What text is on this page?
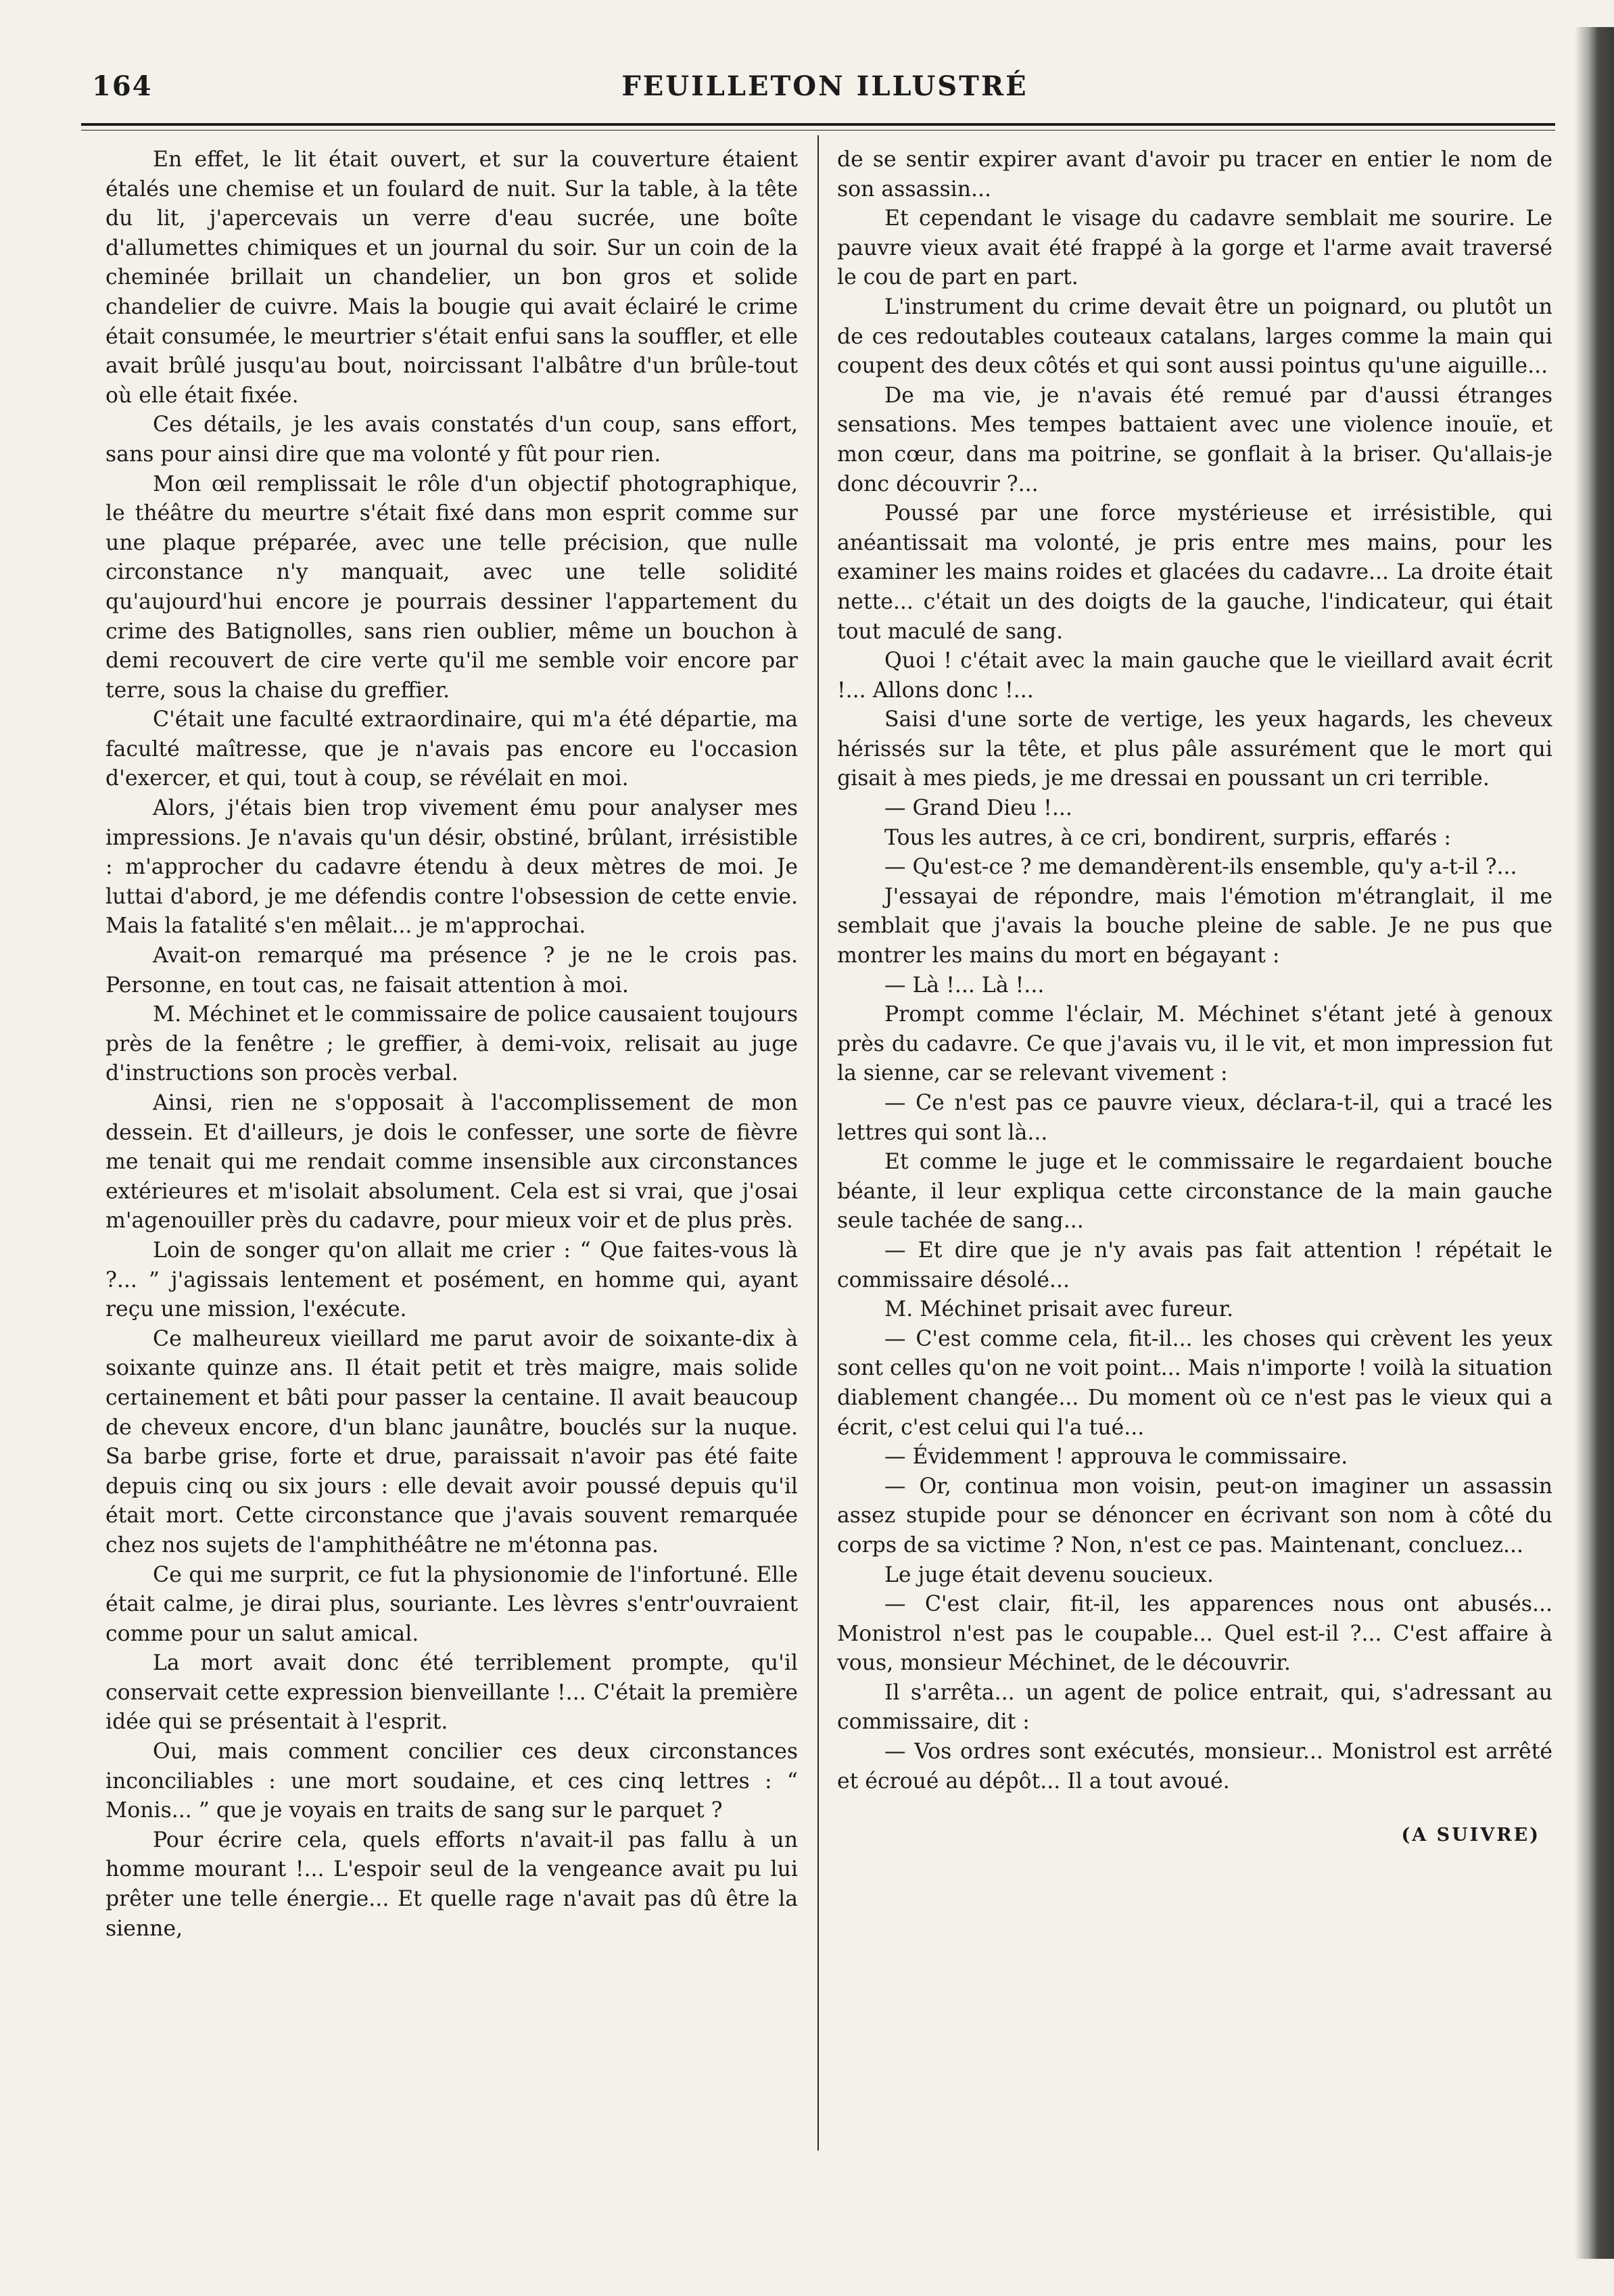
164	FEUILLETON ILLUSTRÉ

En effet, le lit était ouvert, et sur la couverture étaient étalés une chemise et un foulard de nuit. Sur la table, à la tête du lit, j'apercevais un verre d'eau sucrée, une boîte d'allumettes chimiques et un journal du soir. Sur un coin de la cheminée brillait un chandelier, un bon gros et solide chandelier de cuivre. Mais la bougie qui avait éclairé le crime était consumée, le meurtrier s'était enfui sans la souffler, et elle avait brûlé jusqu'au bout, noircissant l'albâtre d'un brûle-tout où elle était fixée.

Ces détails, je les avais constatés d'un coup, sans effort, sans pour ainsi dire que ma volonté y fût pour rien.

Mon œil remplissait le rôle d'un objectif photographique, le théâtre du meurtre s'était fixé dans mon esprit comme sur une plaque préparée, avec une telle précision, que nulle circonstance n'y manquait, avec une telle solidité qu'aujourd'hui encore je pourrais dessiner l'appartement du crime des Batignolles, sans rien oublier, même un bouchon à demi recouvert de cire verte qu'il me semble voir encore par terre, sous la chaise du greffier.

C'était une faculté extraordinaire, qui m'a été départie, ma faculté maîtresse, que je n'avais pas encore eu l'occasion d'exercer, et qui, tout à coup, se révélait en moi.

Alors, j'étais bien trop vivement ému pour analyser mes impressions. Je n'avais qu'un désir, obstiné, brûlant, irrésistible : m'approcher du cadavre étendu à deux mètres de moi. Je luttai d'abord, je me défendis contre l'obsession de cette envie. Mais la fatalité s'en mêlait... je m'approchai.

Avait-on remarqué ma présence ? je ne le crois pas. Personne, en tout cas, ne faisait attention à moi.

M. Méchinet et le commissaire de police causaient toujours près de la fenêtre ; le greffier, à demi-voix, relisait au juge d'instructions son procès verbal.

Ainsi, rien ne s'opposait à l'accomplissement de mon dessein. Et d'ailleurs, je dois le confesser, une sorte de fièvre me tenait qui me rendait comme insensible aux circonstances extérieures et m'isolait absolument. Cela est si vrai, que j'osai m'agenouiller près du cadavre, pour mieux voir et de plus près.

Loin de songer qu'on allait me crier : “ Que faites-vous là ?... ” j'agissais lentement et posément, en homme qui, ayant reçu une mission, l'exécute.

Ce malheureux vieillard me parut avoir de soixante-dix à soixante quinze ans. Il était petit et très maigre, mais solide certainement et bâti pour passer la centaine. Il avait beaucoup de cheveux encore, d'un blanc jaunâtre, bouclés sur la nuque. Sa barbe grise, forte et drue, paraissait n'avoir pas été faite depuis cinq ou six jours : elle devait avoir poussé depuis qu'il était mort. Cette circonstance que j'avais souvent remarquée chez nos sujets de l'amphithéâtre ne m'étonna pas.

Ce qui me surprit, ce fut la physionomie de l'infortuné. Elle était calme, je dirai plus, souriante. Les lèvres s'entr'ouvraient comme pour un salut amical.

La mort avait donc été terriblement prompte, qu'il conservait cette expression bienveillante !... C'était la première idée qui se présentait à l'esprit.

Oui, mais comment concilier ces deux circonstances inconciliables : une mort soudaine, et ces cinq lettres : “ Monis... ” que je voyais en traits de sang sur le parquet ?

Pour écrire cela, quels efforts n'avait-il pas fallu à un homme mourant !... L'espoir seul de la vengeance avait pu lui prêter une telle énergie... Et quelle rage n'avait pas dû être la sienne,

de se sentir expirer avant d'avoir pu tracer en entier le nom de son assassin...

Et cependant le visage du cadavre semblait me sourire. Le pauvre vieux avait été frappé à la gorge et l'arme avait traversé le cou de part en part.

L'instrument du crime devait être un poignard, ou plutôt un de ces redoutables couteaux catalans, larges comme la main qui coupent des deux côtés et qui sont aussi pointus qu'une aiguille...

De ma vie, je n'avais été remué par d'aussi étranges sensations. Mes tempes battaient avec une violence inouïe, et mon cœur, dans ma poitrine, se gonflait à la briser. Qu'allais-je donc découvrir ?...

Poussé par une force mystérieuse et irrésistible, qui anéantissait ma volonté, je pris entre mes mains, pour les examiner les mains roides et glacées du cadavre... La droite était nette... c'était un des doigts de la gauche, l'indicateur, qui était tout maculé de sang.

Quoi ! c'était avec la main gauche que le vieillard avait écrit !... Allons donc !...

Saisi d'une sorte de vertige, les yeux hagards, les cheveux hérissés sur la tête, et plus pâle assurément que le mort qui gisait à mes pieds, je me dressai en poussant un cri terrible.

— Grand Dieu !...

Tous les autres, à ce cri, bondirent, surpris, effarés :

— Qu'est-ce ? me demandèrent-ils ensemble, qu'y a-t-il ?...

J'essayai de répondre, mais l'émotion m'étranglait, il me semblait que j'avais la bouche pleine de sable. Je ne pus que montrer les mains du mort en bégayant :

— Là !... Là !...

Prompt comme l'éclair, M. Méchinet s'étant jeté à genoux près du cadavre. Ce que j'avais vu, il le vit, et mon impression fut la sienne, car se relevant vivement :

— Ce n'est pas ce pauvre vieux, déclara-t-il, qui a tracé les lettres qui sont là...

Et comme le juge et le commissaire le regardaient bouche béante, il leur expliqua cette circonstance de la main gauche seule tachée de sang...

— Et dire que je n'y avais pas fait attention ! répétait le commissaire désolé...

M. Méchinet prisait avec fureur.

— C'est comme cela, fit-il... les choses qui crèvent les yeux sont celles qu'on ne voit point... Mais n'importe ! voilà la situation diablement changée... Du moment où ce n'est pas le vieux qui a écrit, c'est celui qui l'a tué...

— Évidemment ! approuva le commissaire.

— Or, continua mon voisin, peut-on imaginer un assassin assez stupide pour se dénoncer en écrivant son nom à côté du corps de sa victime ? Non, n'est ce pas. Maintenant, concluez...

Le juge était devenu soucieux.

— C'est clair, fit-il, les apparences nous ont abusés... Monistrol n'est pas le coupable... Quel est-il ?... C'est affaire à vous, monsieur Méchinet, de le découvrir.

Il s'arrêta... un agent de police entrait, qui, s'adressant au commissaire, dit :

— Vos ordres sont exécutés, monsieur... Monistrol est arrêté et écroué au dépôt... Il a tout avoué.

(A SUIVRE)
